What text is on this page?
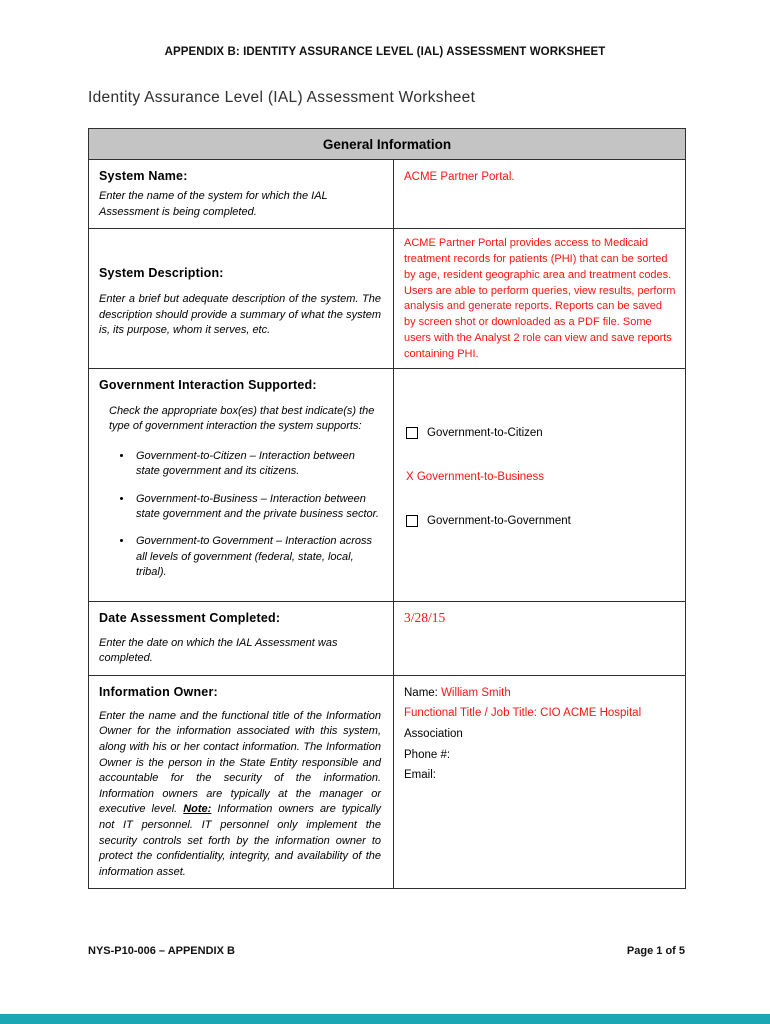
APPENDIX B: IDENTITY ASSURANCE LEVEL (IAL) ASSESSMENT WORKSHEET
Identity Assurance Level (IAL) Assessment Worksheet
General Information	

System Name:

Enter the name of the system for which the IAL Assessment is being completed.	ACME Partner Portal.

System Description:

Enter a brief but adequate description of the system. The description should provide a summary of what the system is, its purpose, whom it serves, etc.	ACME Partner Portal provides access to Medicaid treatment records for patients (PHI) that can be sorted by age, resident geographic area and treatment codes. Users are able to perform queries, view results, perform analysis and generate reports. Reports can be saved by screen shot or downloaded as a PDF file. Some users with the Analyst 2 role can view and save reports containing PHI.

Government Interaction Supported:

Check the appropriate box(es) that best indicate(s) the type of government interaction the system supports:

• Government-to-Citizen – Interaction between state government and its citizens.
• Government-to-Business – Interaction between state government and the private business sector.
• Government-to Government – Interaction across all levels of government (federal, state, local, tribal).

Government-to-Citizen
X Government-to-Business
Government-to-Government

Date Assessment Completed:

Enter the date on which the IAL Assessment was completed.	3/28/15

Information Owner:

Enter the name and the functional title of the Information Owner for the information associated with this system, along with his or her contact information. The Information Owner is the person in the State Entity responsible and accountable for the security of the information. Information owners are typically at the manager or executive level. Note: Information owners are typically not IT personnel. IT personnel only implement the security controls set forth by the information owner to protect the confidentiality, integrity, and availability of the information asset.

Name: William Smith
Functional Title / Job Title: CIO ACME Hospital
Association
Phone #:
Email:
NYS-P10-006 – APPENDIX B	Page 1 of 5
